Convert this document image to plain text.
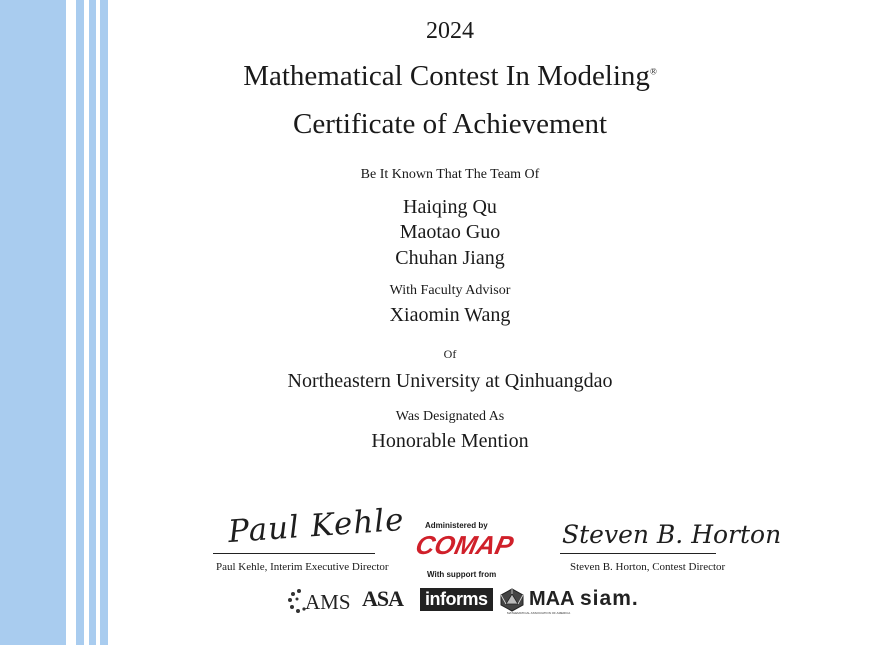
2024
Mathematical Contest In Modeling®
Certificate of Achievement
Be It Known That The Team Of
Haiqing Qu
Maotao Guo
Chuhan Jiang
With Faculty Advisor
Xiaomin Wang
Of
Northeastern University at Qinhuangdao
Was Designated As
Honorable Mention
Paul Kehle
Paul Kehle, Interim Executive Director
Steven B. Horton
Steven B. Horton, Contest Director
Administered by
COMAP
With support from
AMS ASA informs MAA
MATHEMATICAL ASSOCIATION OF AMERICA
siam.
